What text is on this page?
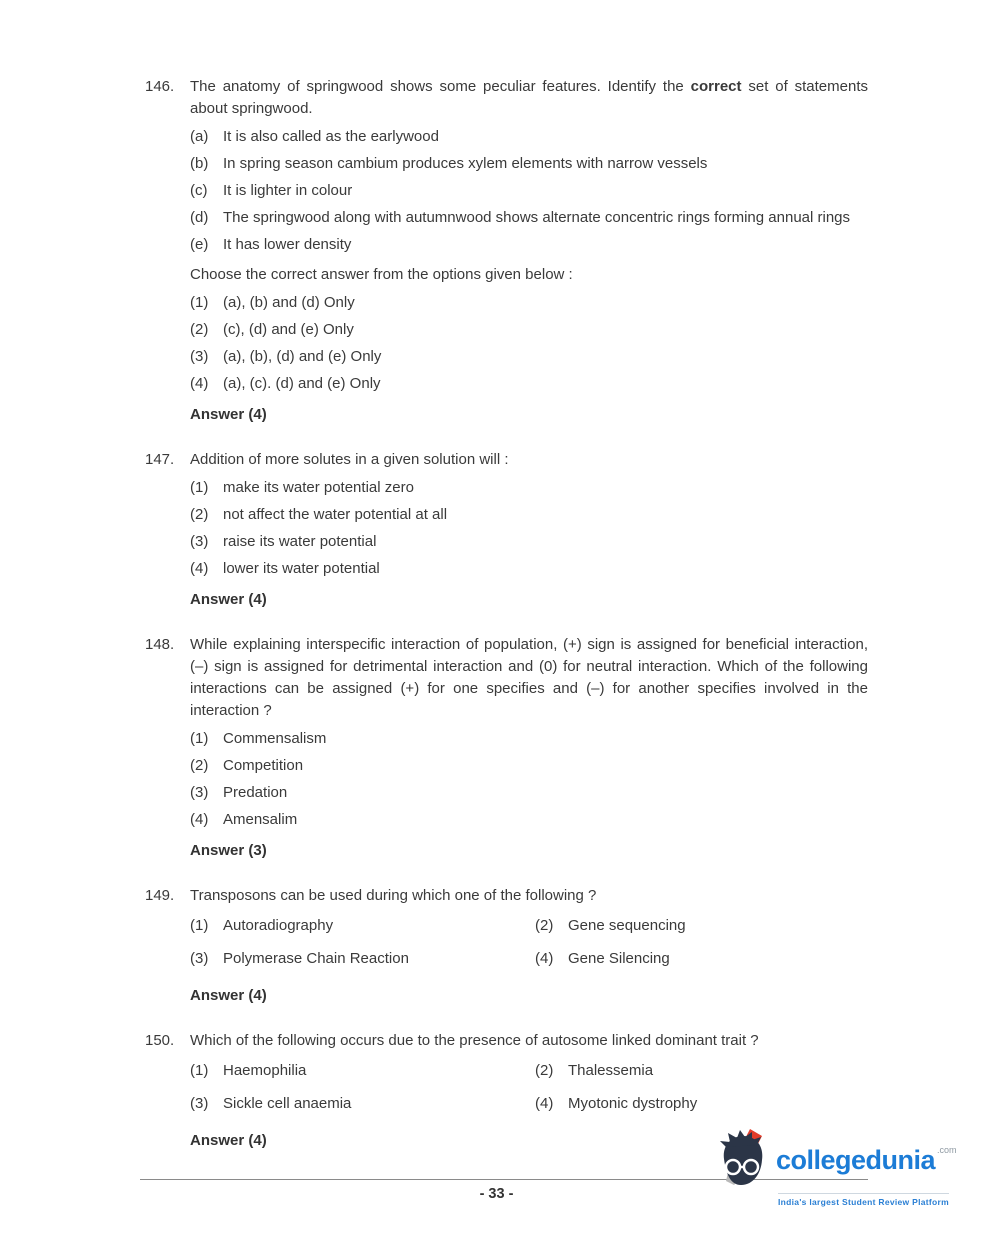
146.	The anatomy of springwood shows some peculiar features. Identify the correct set of statements about springwood.

(a) It is also called as the earlywood
(b) In spring season cambium produces xylem elements with narrow vessels
(c)	It is lighter in colour
(d) The springwood along with autumnwood shows alternate concentric rings forming annual rings
(e) It has lower density

Choose the correct answer from the options given below :

(1) (a), (b) and (d) Only
(2) (c), (d) and (e) Only
(3) (a), (b), (d) and (e) Only
(4) (a), (c). (d) and (e) Only

Answer (4)

147.	Addition of more solutes in a given solution will :

(1) make its water potential zero
(2) not affect the water potential at all
(3) raise its water potential
(4) lower its water potential

Answer (4)

148.	While explaining interspecific interaction of population, (+) sign is assigned for beneficial interaction, (–) sign is assigned for detrimental interaction and (0) for neutral interaction. Which of the following interactions can be assigned (+) for one specifies and (–) for another specifies involved in the interaction ?

(1) Commensalism
(2) Competition
(3) Predation
(4) Amensalim

Answer (3)

149.	Transposons can be used during which one of the following ?

(1) Autoradiography	(2) Gene sequencing
(3) Polymerase Chain Reaction	(4) Gene Silencing

Answer (4)

150.	Which of the following occurs due to the presence of autosome linked dominant trait ?

(1) Haemophilia	(2) Thalessemia
(3) Sickle cell anaemia	(4) Myotonic dystrophy

Answer (4)

- 33 -
collegedunia $^{.com}$
India's largest Student Review Platform
